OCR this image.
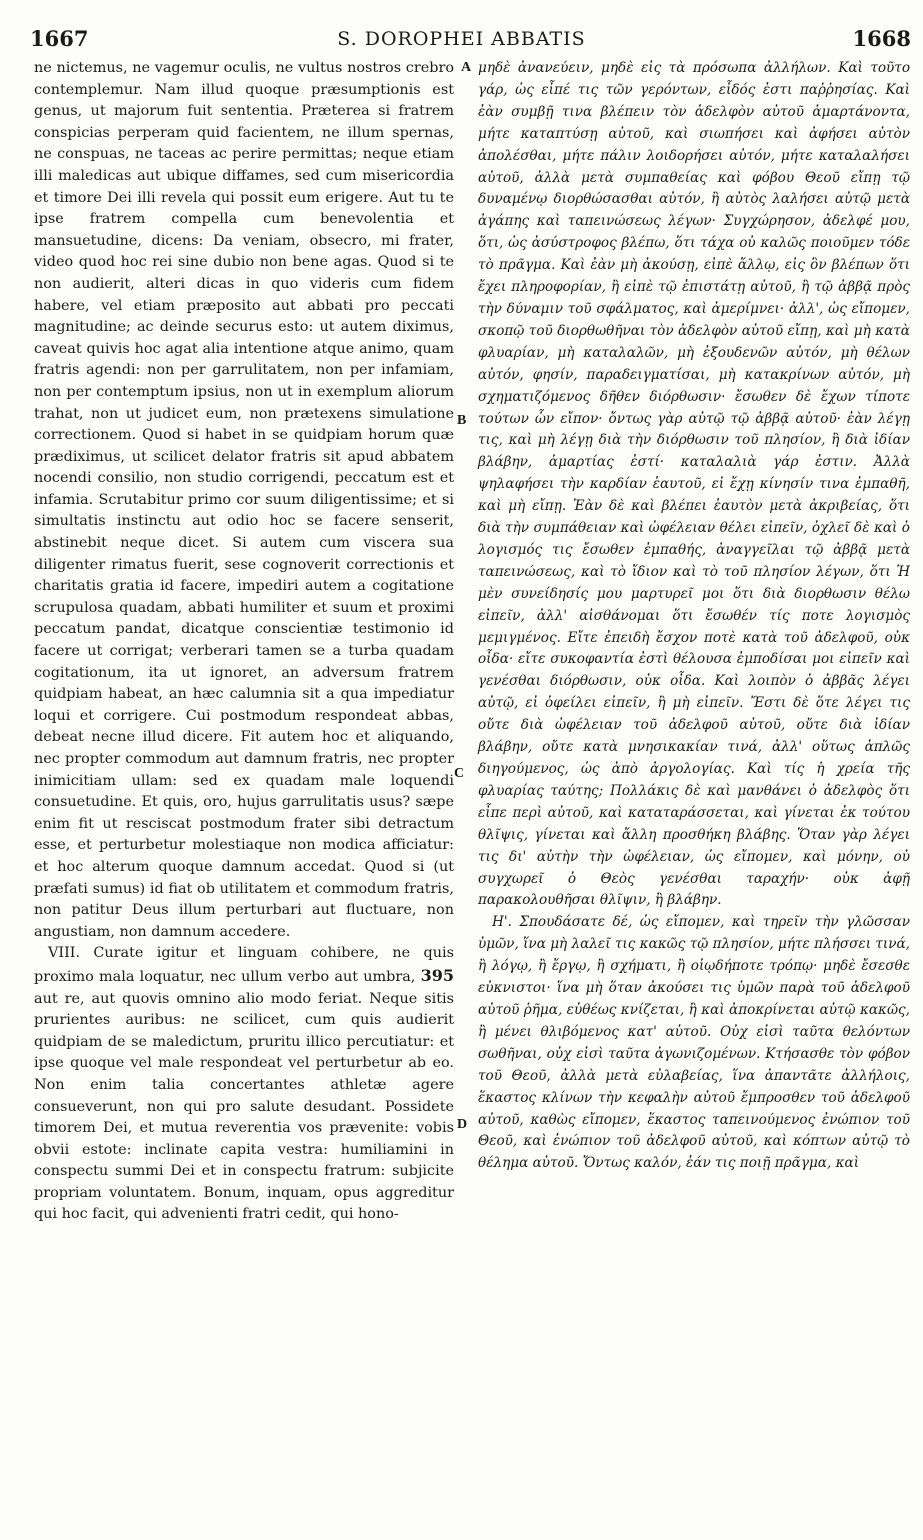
1667	S. DOROPHEI ABBATIS	1668

ne nictemus, ne vagemur oculis, ne vultus nostros crebro contemplemur. Nam illud quoque præsumptionis est genus, ut majorum fuit sententia. Præterea si fratrem conspicias perperam quid facientem, ne illum spernas, ne conspuas, ne taceas ac perire permittas; neque etiam illi maledicas aut ubique diffames, sed cum misericordia et timore Dei illi revela qui possit eum erigere. Aut tu te ipse fratrem compella cum benevolentia et mansuetudine, dicens: Da veniam, obsecro, mi frater, video quod hoc rei sine dubio non bene agas. Quod si te non audierit, alteri dicas in quo videris cum fidem habere, vel etiam præposito aut abbati pro peccati magnitudine; ac deinde securus esto: ut autem diximus, caveat quivis hoc agat alia intentione atque animo, quam fratris agendi: non per garrulitatem, non per infamiam, non per contemptum ipsius, non ut in exemplum aliorum trahat, non ut judicet eum, non prætexens simulatione correctionem. Quod si habet in se quidpiam horum quæ prædiximus, ut scilicet delator fratris sit apud abbatem nocendi consilio, non studio corrigendi, peccatum est et infamia. Scrutabitur primo cor suum diligentissime; et si simultatis instinctu aut odio hoc se facere senserit, abstinebit neque dicet. Si autem cum viscera sua diligenter rimatus fuerit, sese cognoverit correctionis et charitatis gratia id facere, impediri autem a cogitatione scrupulosa quadam, abbati humiliter et suum et proximi peccatum pandat, dicatque conscientiæ testimonio id facere ut corrigat; verberari tamen se a turba quadam cogitationum, ita ut ignoret, an adversum fratrem quidpiam habeat, an hæc calumnia sit a qua impediatur loqui et corrigere. Cui postmodum respondeat abbas, debeat necne illud dicere. Fit autem hoc et aliquando, nec propter commodum aut damnum fratris, nec propter inimicitiam ullam: sed ex quadam male loquendi consuetudine. Et quis, oro, hujus garrulitatis usus? sæpe enim fit ut resciscat postmodum frater sibi detractum esse, et perturbetur molestiaque non modica afficiatur: et hoc alterum quoque damnum accedat. Quod si (ut præfati sumus) id fiat ob utilitatem et commodum fratris, non patitur Deus illum perturbari aut fluctuare, non angustiam, non damnum accedere.

VIII. Curate igitur et linguam cohibere, ne quis proximo mala loquatur, nec ullum verbo aut umbra, 395 aut re, aut quovis omnino alio modo feriat. Neque sitis prurientes auribus: ne scilicet, cum quis audierit quidpiam de se maledictum, pruritu illico percutiatur: et ipse quoque vel male respondeat vel perturbetur ab eo. Non enim talia concertantes athletæ agere consueverunt, non qui pro salute desudant. Possidete timorem Dei, et mutua reverentia vos prævenite: vobis obvii estote: inclinate capita vestra: humiliamini in conspectu summi Dei et in conspectu fratrum: subjicite propriam voluntatem. Bonum, inquam, opus aggreditur qui hoc facit, qui advenienti fratri cedit, qui hono-

A
B
C
D

μηδὲ ἀνανεύειν, μηδὲ εἰς τὰ πρόσωπα ἀλλήλων. Καὶ τοῦτο γάρ, ὡς εἶπέ τις τῶν γερόντων, εἶδός ἐστι παῤῥησίας. Καὶ ἐὰν συμβῇ τινα βλέπειν τὸν ἀδελφὸν αὐτοῦ ἁμαρτάνοντα, μήτε καταπτύσῃ αὐτοῦ, καὶ σιωπήσει καὶ ἀφήσει αὐτὸν ἀπολέσθαι, μήτε πάλιν λοιδορήσει αὐτόν, μήτε καταλαλήσει αὐτοῦ, ἀλλὰ μετὰ συμπαθείας καὶ φόβου Θεοῦ εἴπῃ τῷ δυναμένῳ διορθώσασθαι αὐτόν, ἢ αὐτὸς λαλήσει αὐτῷ μετὰ ἀγάπης καὶ ταπεινώσεως λέγων· Συγχώρησον, ἀδελφέ μου, ὅτι, ὡς ἀσύστροφος βλέπω, ὅτι τάχα οὐ καλῶς ποιοῦμεν τόδε τὸ πρᾶγμα. Καὶ ἐὰν μὴ ἀκούσῃ, εἰπὲ ἄλλῳ, εἰς ὃν βλέπων ὅτι ἔχει πληροφορίαν, ἢ εἰπὲ τῷ ἐπιστάτῃ αὐτοῦ, ἢ τῷ ἀββᾷ πρὸς τὴν δύναμιν τοῦ σφάλματος, καὶ ἀμερίμνει· ἀλλ', ὡς εἴπομεν, σκοπῷ τοῦ διορθωθῆναι τὸν ἀδελφὸν αὐτοῦ εἴπῃ, καὶ μὴ κατὰ φλυαρίαν, μὴ καταλαλῶν, μὴ ἐξουδενῶν αὐτόν, μὴ θέλων αὐτόν, φησίν, παραδειγματίσαι, μὴ κατακρίνων αὐτόν, μὴ σχηματιζόμενος δῆθεν διόρθωσιν· ἔσωθεν δὲ ἔχων τίποτε τούτων ὧν εἴπον· ὄντως γὰρ αὐτῷ τῷ ἀββᾷ αὐτοῦ· ἐὰν λέγῃ τις, καὶ μὴ λέγῃ διὰ τὴν διόρθωσιν τοῦ πλησίον, ἢ διὰ ἰδίαν βλάβην, ἁμαρτίας ἐστί· καταλαλιὰ γάρ ἐστιν. Ἀλλὰ ψηλαφήσει τὴν καρδίαν ἑαυτοῦ, εἰ ἔχῃ κίνησίν τινα ἐμπαθῆ, καὶ μὴ εἴπῃ. Ἐὰν δὲ καὶ βλέπει ἑαυτὸν μετὰ ἀκριβείας, ὅτι διὰ τὴν συμπάθειαν καὶ ὠφέλειαν θέλει εἰπεῖν, ὀχλεῖ δὲ καὶ ὁ λογισμός τις ἔσωθεν ἐμπαθής, ἀναγγεῖλαι τῷ ἀββᾷ μετὰ ταπεινώσεως, καὶ τὸ ἴδιον καὶ τὸ τοῦ πλησίον λέγων, ὅτι Ἡ μὲν συνείδησίς μου μαρτυρεῖ μοι ὅτι διὰ διορθωσιν θέλω εἰπεῖν, ἀλλ' αἰσθάνομαι ὅτι ἔσωθέν τίς ποτε λογισμὸς μεμιγμένος. Εἴτε ἐπειδὴ ἔσχον ποτὲ κατὰ τοῦ ἀδελφοῦ, οὐκ οἶδα· εἴτε συκοφαντία ἐστὶ θέλουσα ἐμποδίσαι μοι εἰπεῖν καὶ γενέσθαι διόρθωσιν, οὐκ οἶδα. Καὶ λοιπὸν ὁ ἀββᾶς λέγει αὐτῷ, εἰ ὀφείλει εἰπεῖν, ἢ μὴ εἰπεῖν. Ἔστι δὲ ὅτε λέγει τις οὔτε διὰ ὠφέλειαν τοῦ ἀδελφοῦ αὐτοῦ, οὔτε διὰ ἰδίαν βλάβην, οὔτε κατὰ μνησικακίαν τινά, ἀλλ' οὕτως ἁπλῶς διηγούμενος, ὡς ἀπὸ ἀργολογίας. Καὶ τίς ἡ χρεία τῆς φλυαρίας ταύτης; Πολλάκις δὲ καὶ μανθάνει ὁ ἀδελφὸς ὅτι εἶπε περὶ αὐτοῦ, καὶ καταταράσσεται, καὶ γίνεται ἐκ τούτου θλῖψις, γίνεται καὶ ἄλλη προσθήκη βλάβης. Ὅταν γὰρ λέγει τις δι' αὐτὴν τὴν ὠφέλειαν, ὡς εἴπομεν, καὶ μόνην, οὐ συγχωρεῖ ὁ Θεὸς γενέσθαι ταραχήν· οὐκ ἀφῇ παρακολουθῆσαι θλῖψιν, ἢ βλάβην.

Η'. Σπουδάσατε δέ, ὡς εἴπομεν, καὶ τηρεῖν τὴν γλῶσσαν ὑμῶν, ἵνα μὴ λαλεῖ τις κακῶς τῷ πλησίον, μήτε πλήσσει τινά, ἢ λόγῳ, ἢ ἔργῳ, ἢ σχήματι, ἢ οἱῳδήποτε τρόπῳ· μηδὲ ἔσεσθε εὐκνιστοι· ἵνα μὴ ὅταν ἀκούσει τις ὑμῶν παρὰ τοῦ ἀδελφοῦ αὐτοῦ ῥῆμα, εὐθέως κνίζεται, ἢ καὶ ἀποκρίνεται αὐτῷ κακῶς, ἢ μένει θλιβόμενος κατ' αὐτοῦ. Οὐχ εἰσὶ ταῦτα θελόντων σωθῆναι, οὐχ εἰσὶ ταῦτα ἀγωνιζομένων. Κτήσασθε τὸν φόβον τοῦ Θεοῦ, ἀλλὰ μετὰ εὐλαβείας, ἵνα ἀπαντᾶτε ἀλλήλοις, ἕκαστος κλίνων τὴν κεφαλὴν αὐτοῦ ἔμπροσθεν τοῦ ἀδελφοῦ αὐτοῦ, καθὼς εἴπομεν, ἕκαστος ταπεινούμενος ἐνώπιον τοῦ Θεοῦ, καὶ ἐνώπιον τοῦ ἀδελφοῦ αὐτοῦ, καὶ κόπτων αὐτῷ τὸ θέλημα αὐτοῦ. Ὄντως καλόν, ἐάν τις ποιῇ πρᾶγμα, καὶ
